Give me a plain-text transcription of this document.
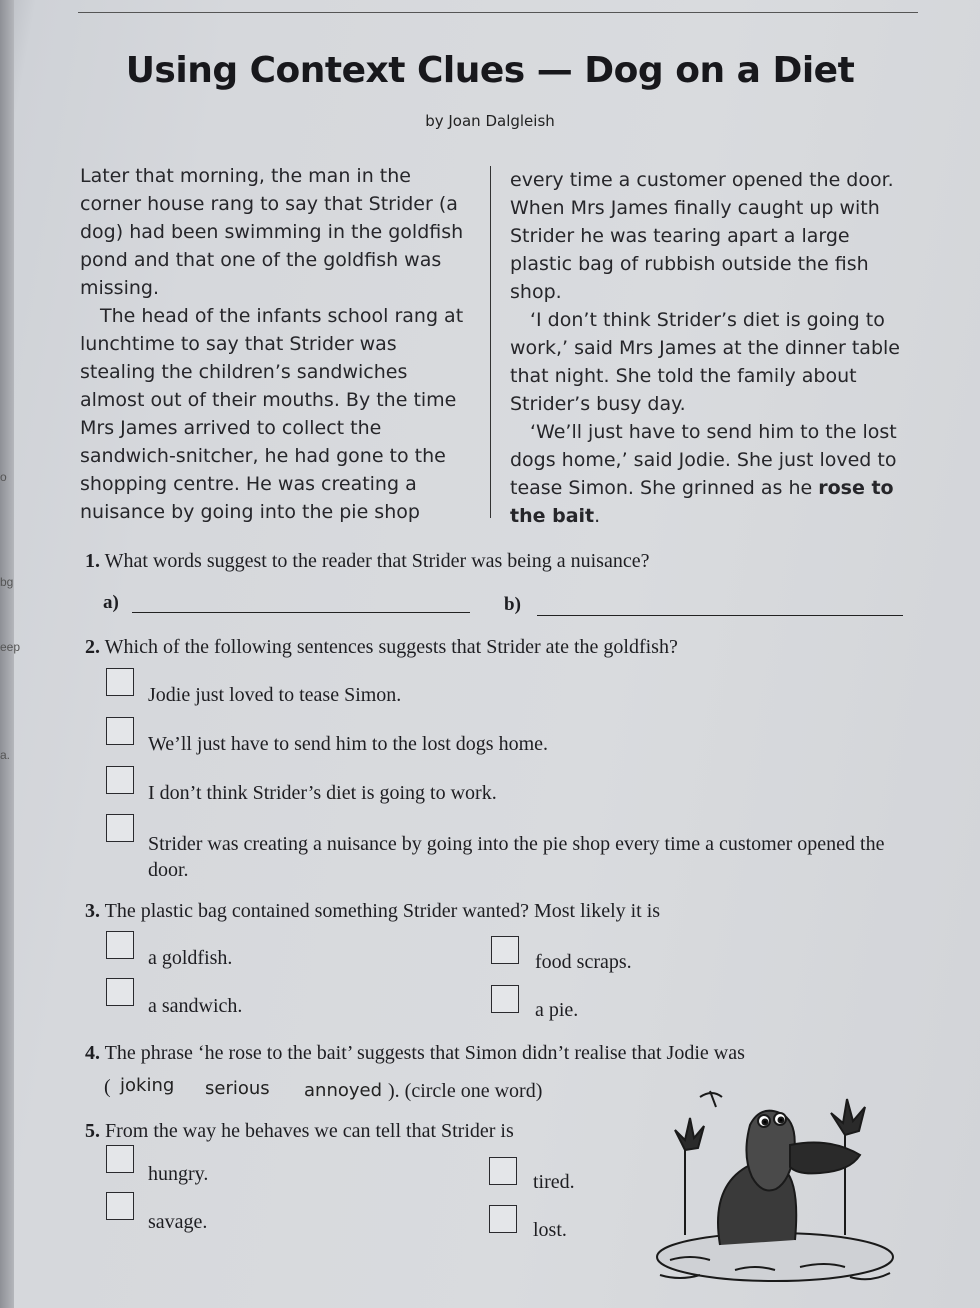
o
bg
eep
a.
Using Context Clues — Dog on a Diet
by Joan Dalgleish

Later that morning, the man in the corner house rang to say that Strider (a dog) had been swimming in the goldfish pond and that one of the goldfish was missing.

The head of the infants school rang at lunchtime to say that Strider was stealing the children’s sandwiches almost out of their mouths. By the time Mrs James arrived to collect the sandwich-snitcher, he had gone to the shopping centre. He was creating a nuisance by going into the pie shop

every time a customer opened the door. When Mrs James finally caught up with Strider he was tearing apart a large plastic bag of rubbish outside the fish shop.

‘I don’t think Strider’s diet is going to work,’ said Mrs James at the dinner table that night. She told the family about Strider’s busy day.

‘We’ll just have to send him to the lost dogs home,’ said Jodie. She just loved to tease Simon. She grinned as he rose to the bait.

1. What words suggest to the reader that Strider was being a nuisance?
a)	b)
2. Which of the following sentences suggests that Strider ate the goldfish?
Jodie just loved to tease Simon.
We’ll just have to send him to the lost dogs home.
I don’t think Strider’s diet is going to work.
Strider was creating a nuisance by going into the pie shop every time a customer opened the door.
3. The plastic bag contained something Strider wanted? Most likely it is
a goldfish.	food scraps.
a sandwich.	a pie.
4. The phrase ‘he rose to the bait’ suggests that Simon didn’t realise that Jodie was
( joking serious annoyed ). (circle one word)
5. From the way he behaves we can tell that Strider is
hungry.	tired.
savage.	lost.
